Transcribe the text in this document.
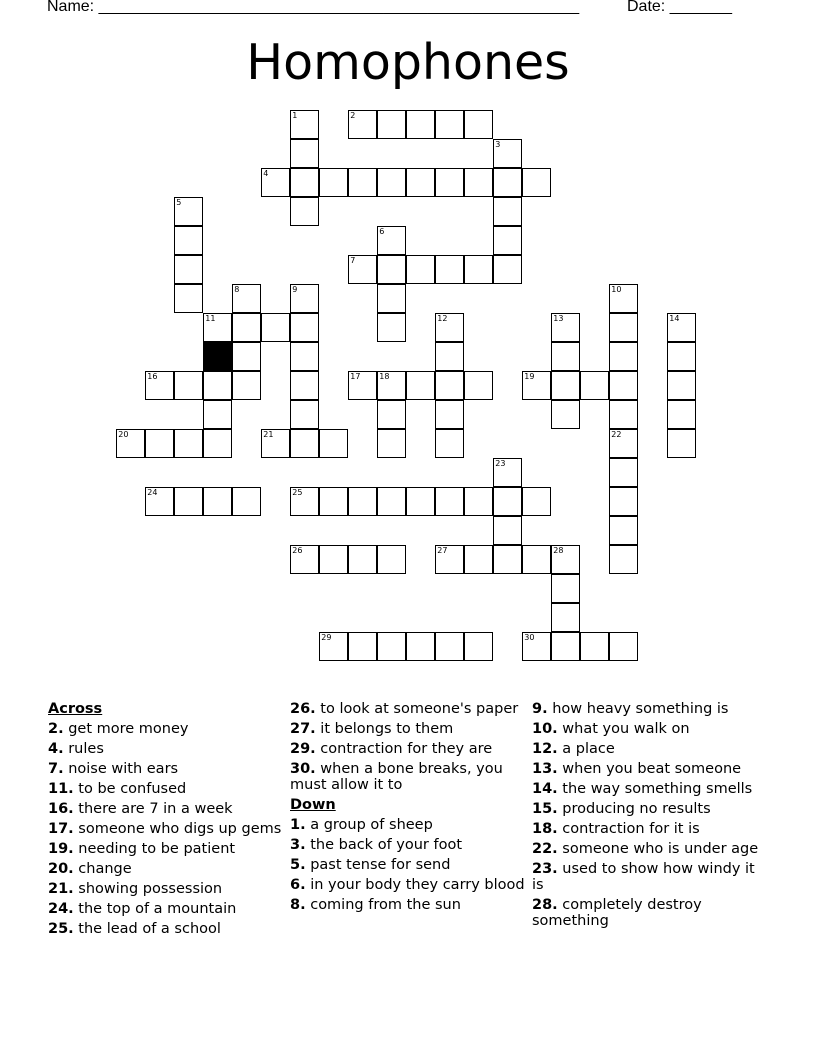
Name: ______________________________________________________	Date: _______
Homophones
2
4
7
11
16	17 18	19
20	21
24	25
26	27	28
29	30
1
3
5
6
8	9	10
12	13	14
22
23
Across
2. get more money
4. rules
7. noise with ears
11. to be confused
16. there are 7 in a week
17. someone who digs up gems
19. needing to be patient
20. change
21. showing possession
24. the top of a mountain
25. the lead of a school
26. to look at someone's paper
27. it belongs to them
29. contraction for they are
30. when a bone breaks, you must allow it to
Down
1. a group of sheep
3. the back of your foot
5. past tense for send
6. in your body they carry blood
8. coming from the sun
9. how heavy something is
10. what you walk on
12. a place
13. when you beat someone
14. the way something smells
15. producing no results
18. contraction for it is
22. someone who is under age
23. used to show how windy it is
28. completely destroy something
